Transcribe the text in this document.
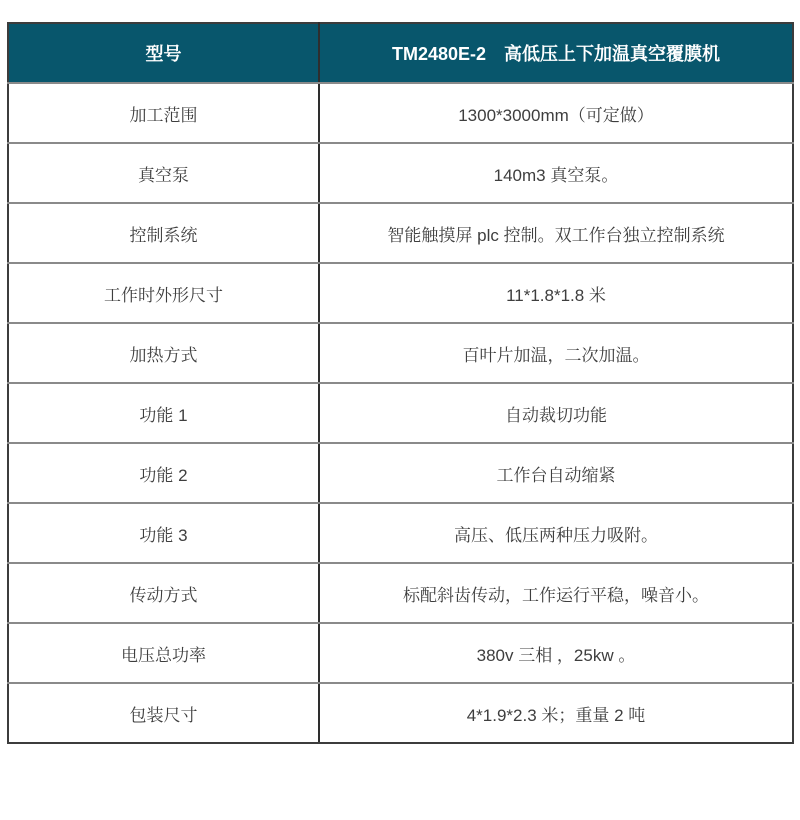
型号	TM2480E-2　高低压上下加温真空覆膜机
加工范围	1300*3000mm（可定做）
真空泵	140m3 真空泵。
控制系统	智能触摸屏 plc 控制。双工作台独立控制系统
工作时外形尺寸	11*1.8*1.8 米
加热方式	百叶片加温，二次加温。
功能 1	自动裁切功能
功能 2	工作台自动缩紧
功能 3	高压、低压两种压力吸附。
传动方式	标配斜齿传动，工作运行平稳，噪音小。
电压总功率	380v 三相 ，25kw 。
包装尺寸	4*1.9*2.3 米；重量 2 吨
